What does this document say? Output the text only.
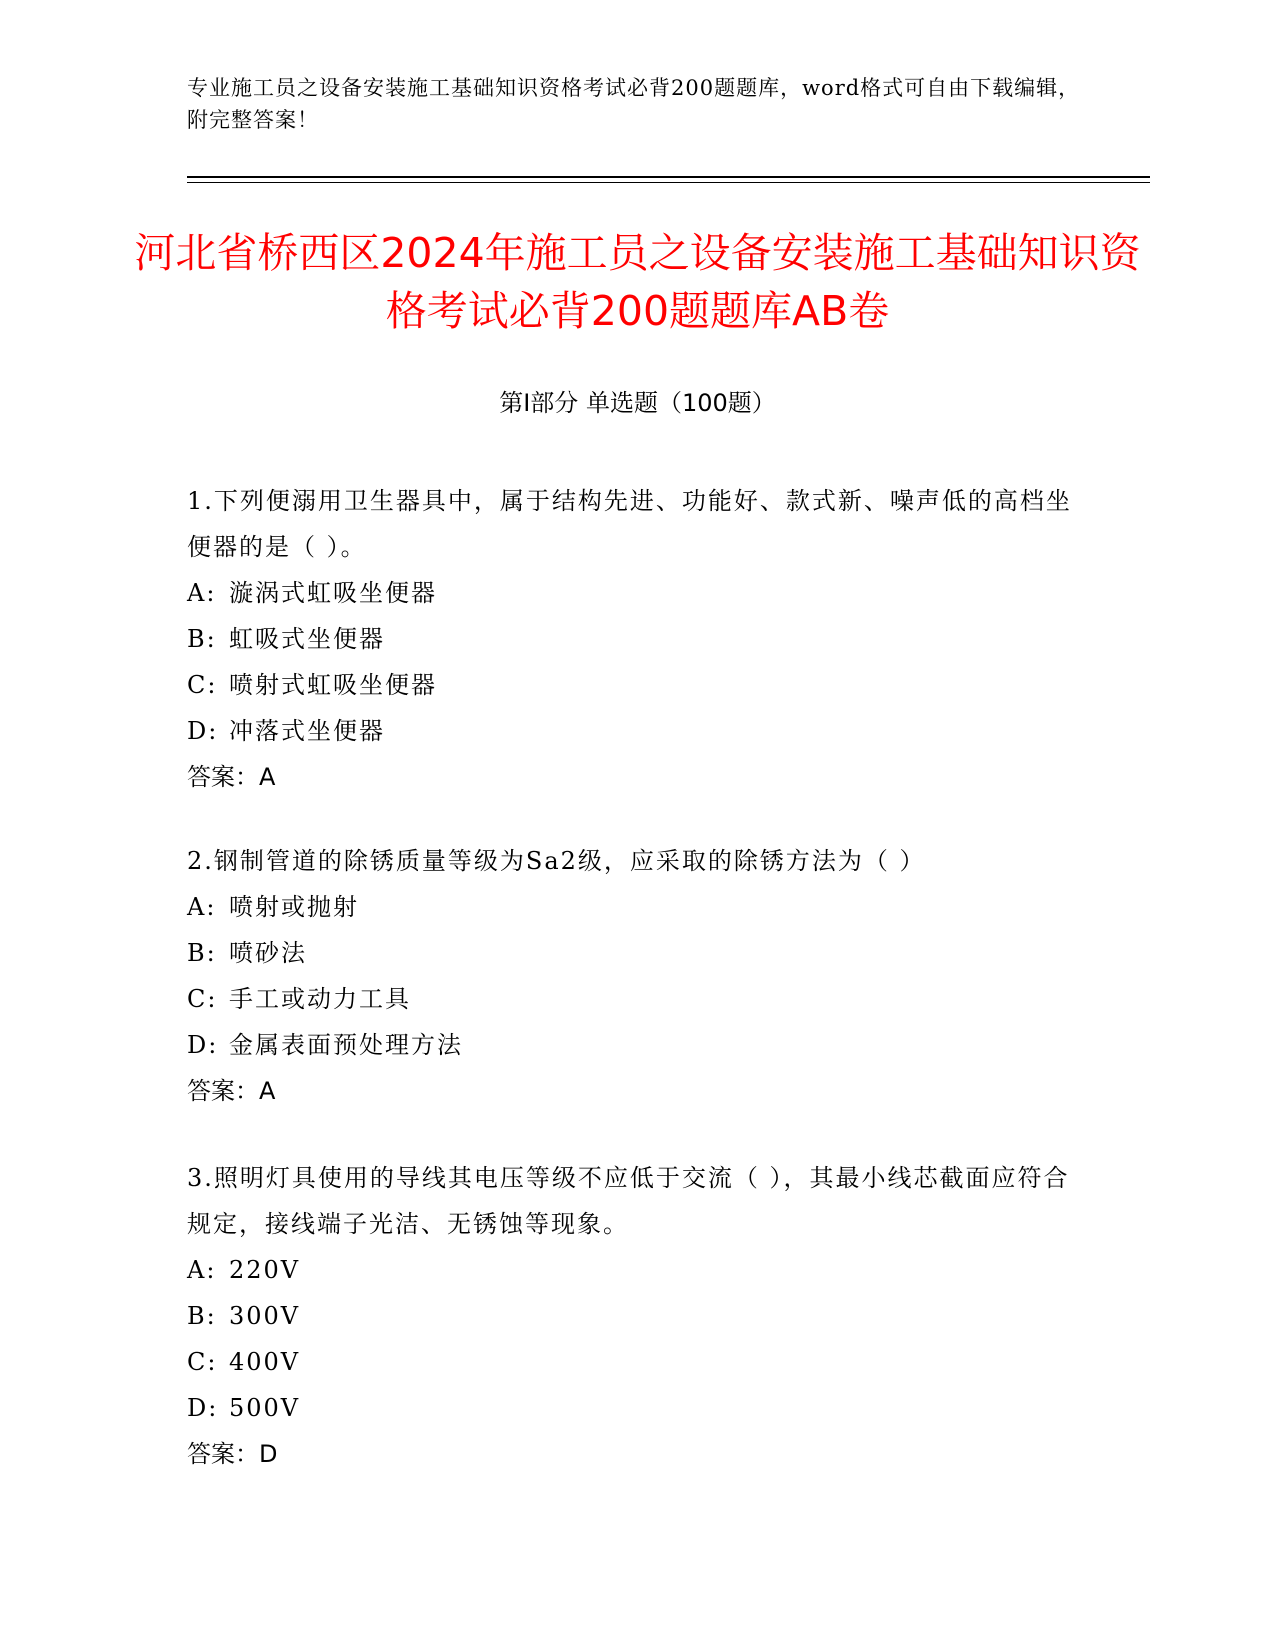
专业施工员之设备安装施工基础知识资格考试必背200题题库，word格式可自由下载编辑，附完整答案！
河北省桥西区2024年施工员之设备安装施工基础知识资格考试必背200题题库AB卷
第Ⅰ部分 单选题（100题）
1.下列便溺用卫生器具中，属于结构先进、功能好、款式新、噪声低的高档坐便器的是（ ）。
A: 漩涡式虹吸坐便器
B: 虹吸式坐便器
C: 喷射式虹吸坐便器
D: 冲落式坐便器
答案：A
2.钢制管道的除锈质量等级为Sa2级，应采取的除锈方法为（ ）
A: 喷射或抛射
B: 喷砂法
C: 手工或动力工具
D: 金属表面预处理方法
答案：A
3.照明灯具使用的导线其电压等级不应低于交流（ ），其最小线芯截面应符合规定，接线端子光洁、无锈蚀等现象。
A: 220V
B: 300V
C: 400V
D: 500V
答案：D
